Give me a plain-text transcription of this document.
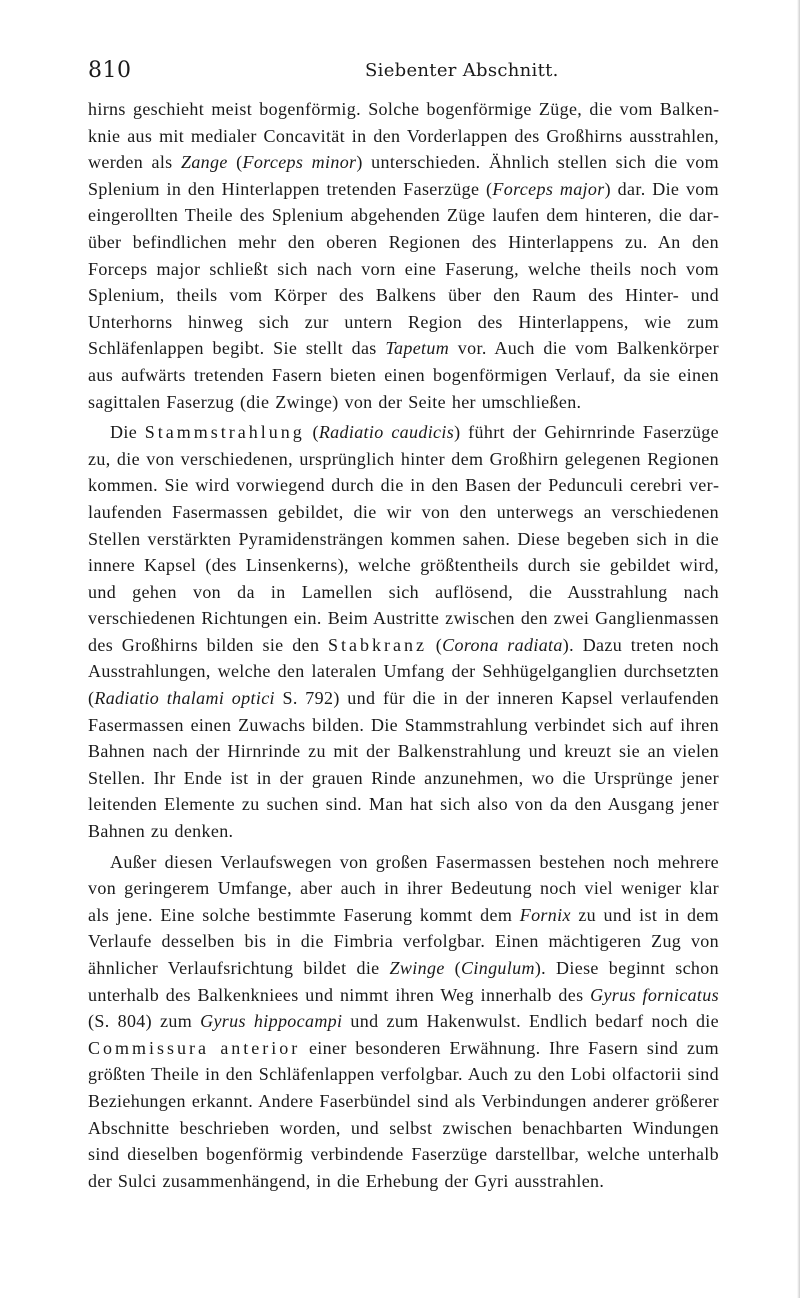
810	Siebenter Abschnitt.

hirns geschieht meist bogenförmig. Solche bogenförmige Züge, die vom Balkenknie aus mit medialer Concavität in den Vorderlappen des Großhirns ausstrahlen, werden als Zange (Forceps minor) unterschieden. Ähnlich stellen sich die vom Splenium in den Hinterlappen tretenden Faserzüge (Forceps major) dar. Die vom eingerollten Theile des Splenium abgehenden Züge laufen dem hinteren, die darüber befindlichen mehr den oberen Regionen des Hinterlappens zu. An den Forceps major schließt sich nach vorn eine Faserung, welche theils noch vom Splenium, theils vom Körper des Balkens über den Raum des Hinter- und Unterhorns hinweg sich zur untern Region des Hinterlappens, wie zum Schläfenlappen begibt. Sie stellt das Tapetum vor. Auch die vom Balkenkörper aus aufwärts tretenden Fasern bieten einen bogenförmigen Verlauf, da sie einen sagittalen Faserzug (die Zwinge) von der Seite her umschließen.

Die Stammstrahlung (Radiatio caudicis) führt der Gehirnrinde Faserzüge zu, die von verschiedenen, ursprünglich hinter dem Großhirn gelegenen Regionen kommen. Sie wird vorwiegend durch die in den Basen der Pedunculi cerebri verlaufenden Fasermassen gebildet, die wir von den unterwegs an verschiedenen Stellen verstärkten Pyramidensträngen kommen sahen. Diese begeben sich in die innere Kapsel (des Linsenkerns), welche größtentheils durch sie gebildet wird, und gehen von da in Lamellen sich auflösend, die Ausstrahlung nach verschiedenen Richtungen ein. Beim Austritte zwischen den zwei Ganglienmassen des Großhirns bilden sie den Stabkranz (Corona radiata). Dazu treten noch Ausstrahlungen, welche den lateralen Umfang der Sehhügelganglien durchsetzten (Radiatio thalami optici S. 792) und für die in der inneren Kapsel verlaufenden Fasermassen einen Zuwachs bilden. Die Stammstrahlung verbindet sich auf ihren Bahnen nach der Hirnrinde zu mit der Balkenstrahlung und kreuzt sie an vielen Stellen. Ihr Ende ist in der grauen Rinde anzunehmen, wo die Ursprünge jener leitenden Elemente zu suchen sind. Man hat sich also von da den Ausgang jener Bahnen zu denken.

Außer diesen Verlaufswegen von großen Fasermassen bestehen noch mehrere von geringerem Umfange, aber auch in ihrer Bedeutung noch viel weniger klar als jene. Eine solche bestimmte Faserung kommt dem Fornix zu und ist in dem Verlaufe desselben bis in die Fimbria verfolgbar. Einen mächtigeren Zug von ähnlicher Verlaufsrichtung bildet die Zwinge (Cingulum). Diese beginnt schon unterhalb des Balkenkniees und nimmt ihren Weg innerhalb des Gyrus fornicatus (S. 804) zum Gyrus hippocampi und zum Hakenwulst. Endlich bedarf noch die Commissura anterior einer besonderen Erwähnung. Ihre Fasern sind zum größten Theile in den Schläfenlappen verfolgbar. Auch zu den Lobi olfactorii sind Beziehungen erkannt. Andere Faserbündel sind als Verbindungen anderer größerer Abschnitte beschrieben worden, und selbst zwischen benachbarten Windungen sind dieselben bogenförmig verbindende Faserzüge darstellbar, welche unterhalb der Sulci zusammenhängend, in die Erhebung der Gyri ausstrahlen.
